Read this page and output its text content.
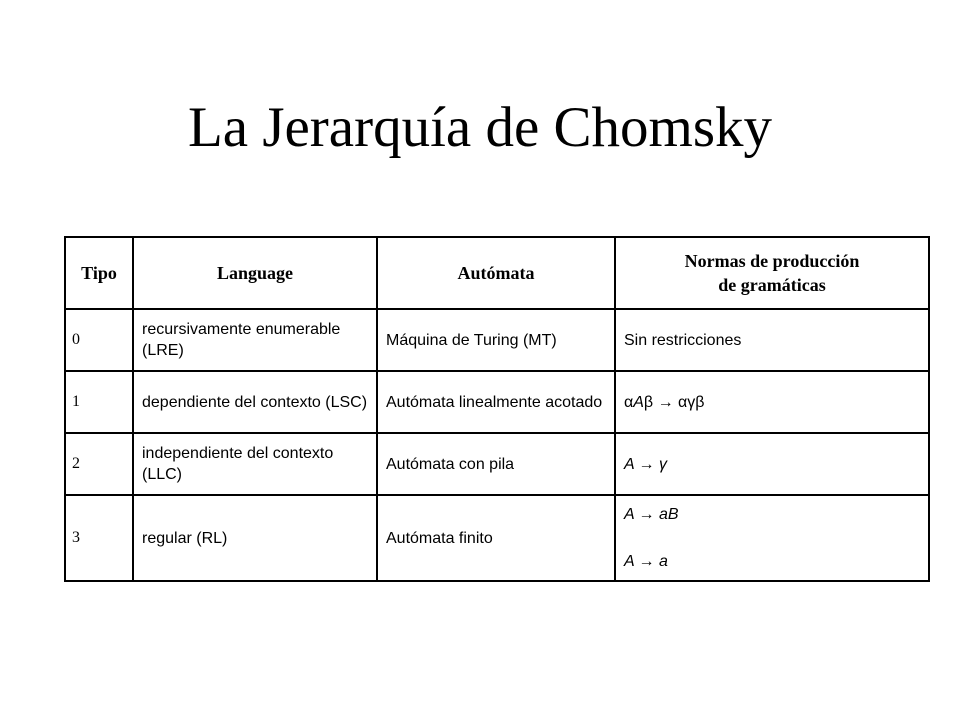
La Jerarquía de Chomsky
Tipo	Language	Autómata	Normas de producción
de gramáticas
0	recursivamente enumerable (LRE)	Máquina de Turing (MT)	Sin restricciones
1	dependiente del contexto (LSC)	Autómata linealmente acotado	αAβ → αγβ
2	independiente del contexto (LLC)	Autómata con pila	A → γ

3	regular (RL)	Autómata finito	A → aB
A → a
